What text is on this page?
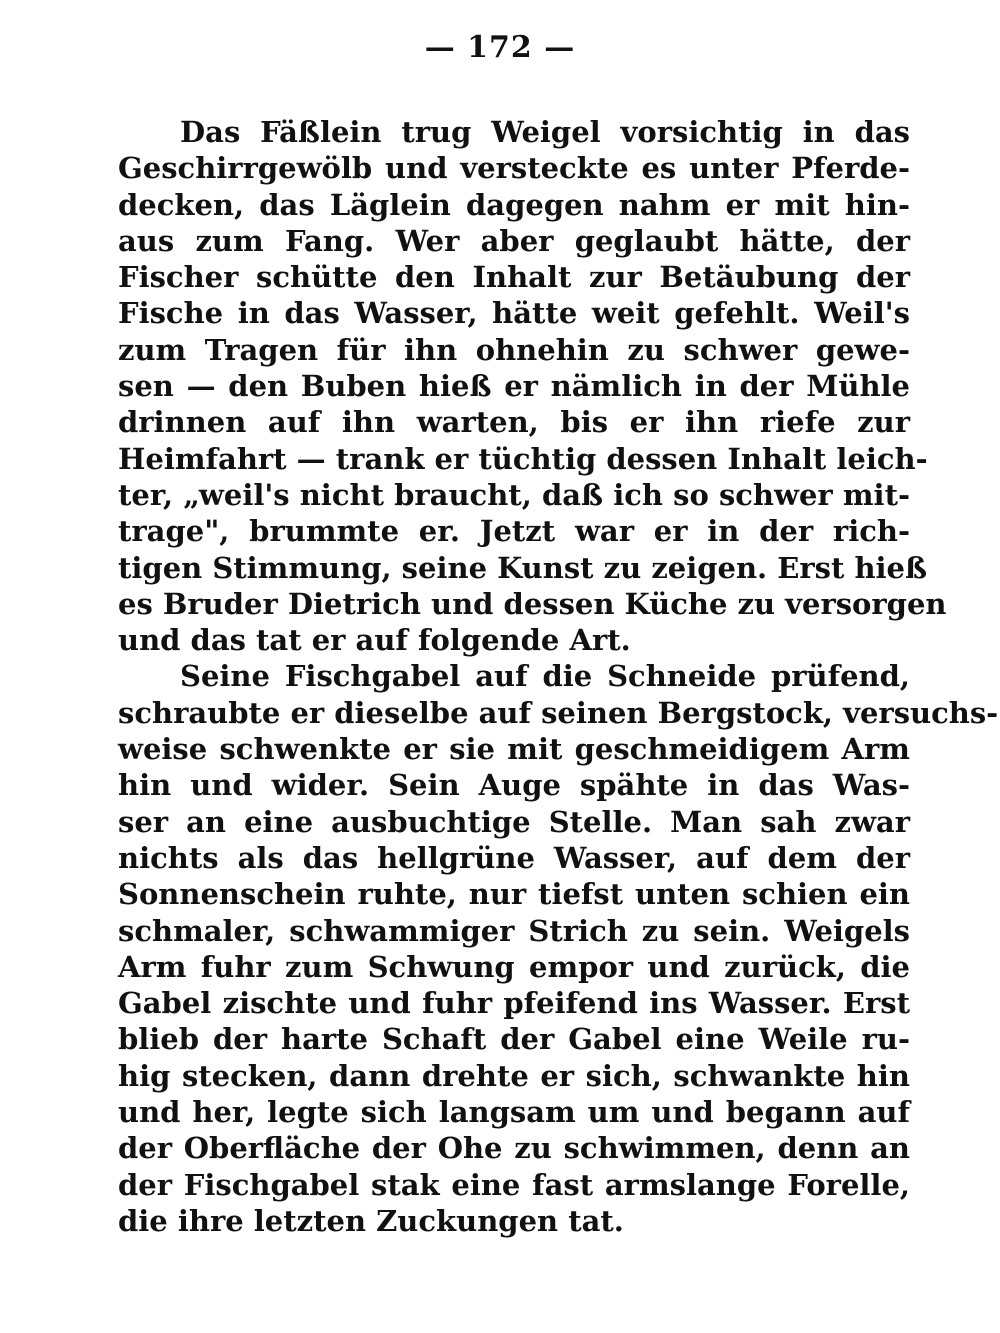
— 172 —
Das Fäßlein trug Weigel vorsichtig in das
Geschirrgewölb und versteckte es unter Pferde-
decken, das Läglein dagegen nahm er mit hin-
aus zum Fang. Wer aber geglaubt hätte, der
Fischer schütte den Inhalt zur Betäubung der
Fische in das Wasser, hätte weit gefehlt. Weil's
zum Tragen für ihn ohnehin zu schwer gewe-
sen — den Buben hieß er nämlich in der Mühle
drinnen auf ihn warten, bis er ihn riefe zur
Heimfahrt — trank er tüchtig dessen Inhalt leich-
ter, „weil's nicht braucht, daß ich so schwer mit-
trage", brummte er. Jetzt war er in der rich-
tigen Stimmung, seine Kunst zu zeigen. Erst hieß
es Bruder Dietrich und dessen Küche zu versorgen
und das tat er auf folgende Art.
Seine Fischgabel auf die Schneide prüfend,
schraubte er dieselbe auf seinen Bergstock, versuchs-
weise schwenkte er sie mit geschmeidigem Arm
hin und wider. Sein Auge spähte in das Was-
ser an eine ausbuchtige Stelle. Man sah zwar
nichts als das hellgrüne Wasser, auf dem der
Sonnenschein ruhte, nur tiefst unten schien ein
schmaler, schwammiger Strich zu sein. Weigels
Arm fuhr zum Schwung empor und zurück, die
Gabel zischte und fuhr pfeifend ins Wasser. Erst
blieb der harte Schaft der Gabel eine Weile ru-
hig stecken, dann drehte er sich, schwankte hin
und her, legte sich langsam um und begann auf
der Oberfläche der Ohe zu schwimmen, denn an
der Fischgabel stak eine fast armslange Forelle,
die ihre letzten Zuckungen tat.
